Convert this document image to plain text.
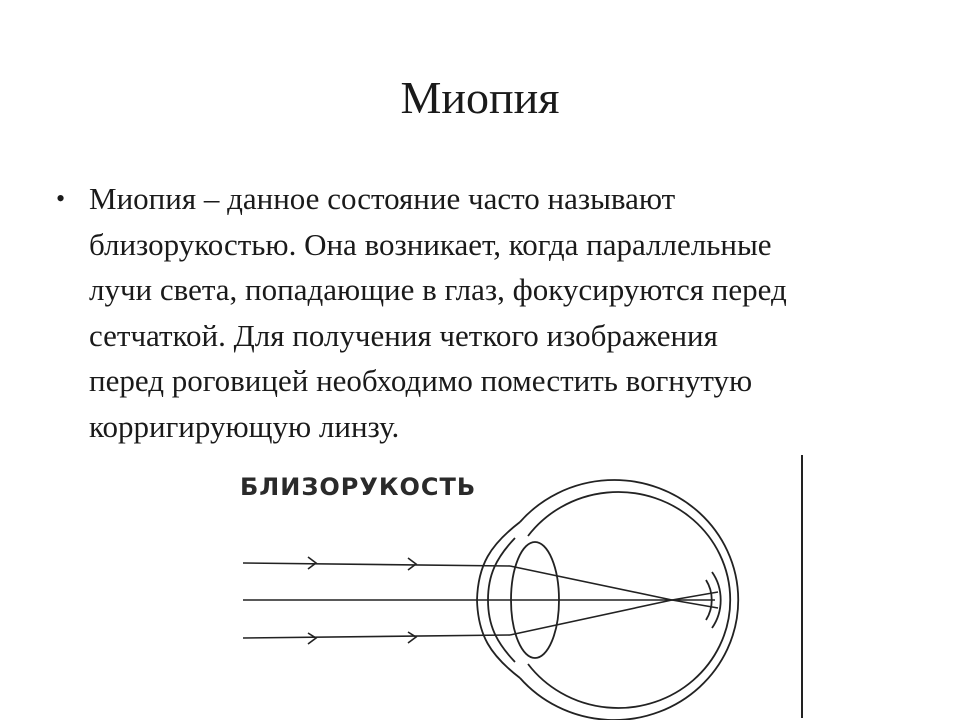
Миопия
• Миопия – данное состояние часто называют
близорукостью. Она возникает, когда параллельные
лучи света, попадающие в глаз, фокусируются перед
сетчаткой. Для получения четкого изображения
перед роговицей необходимо поместить вогнутую
корригирующую линзу.
БЛИЗОРУКОСТЬ
